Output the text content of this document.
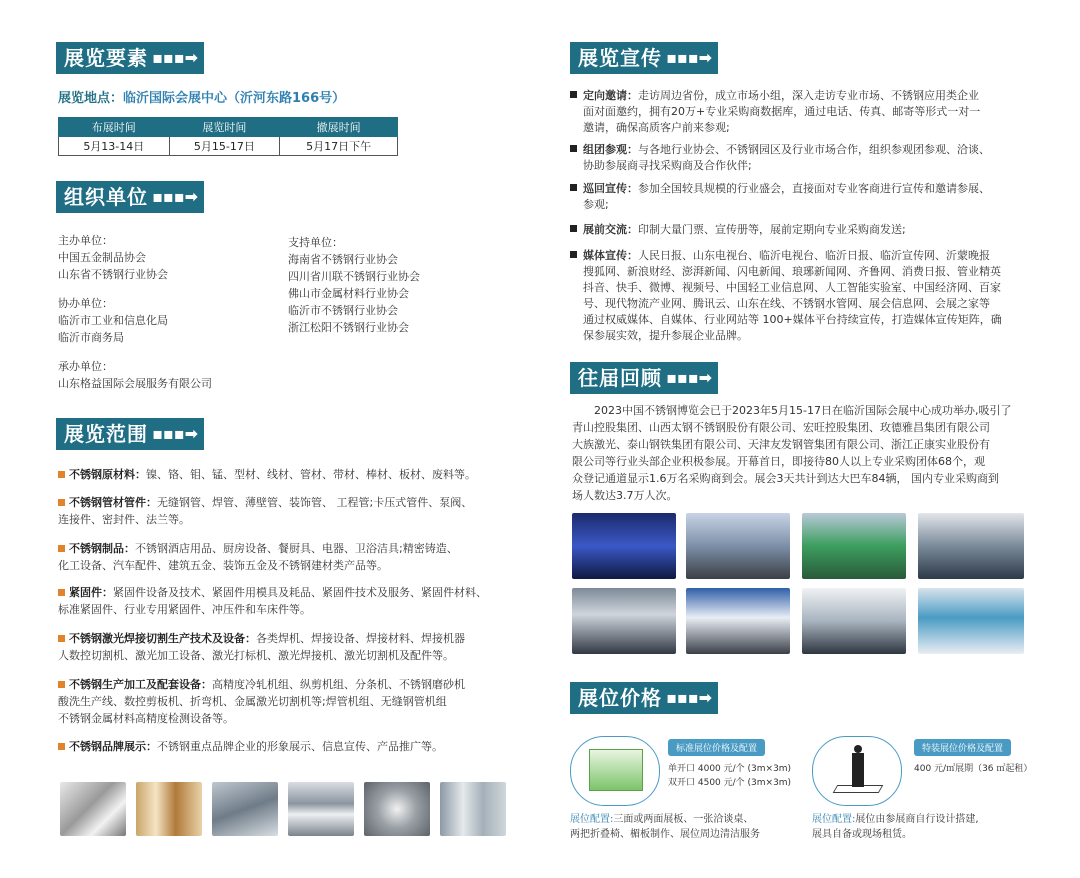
展览要素 ▪▪▪➡
展览地点：临沂国际会展中心（沂河东路166号）
布展时间	展览时间	撤展时间
5月13-14日	5月15-17日	5月17日下午
组织单位 ▪▪▪➡
主办单位：
中国五金制品协会
山东省不锈钢行业协会
协办单位：
临沂市工业和信息化局
临沂市商务局
承办单位：
山东格益国际会展服务有限公司
支持单位：
海南省不锈钢行业协会
四川省川联不锈钢行业协会
佛山市金属材料行业协会
临沂市不锈钢行业协会
浙江松阳不锈钢行业协会
展览范围 ▪▪▪➡
不锈钢原材料：镍、铬、钼、锰、型材、线材、管材、带材、棒材、板材、废料等。
不锈钢管材管件：无缝钢管、焊管、薄壁管、装饰管、 工程管;卡压式管件、泵阀、
连接件、密封件、法兰等。
不锈钢制品：不锈钢酒店用品、厨房设备、餐厨具、电器、卫浴洁具;精密铸造、
化工设备、汽车配件、建筑五金、装饰五金及不锈钢建材类产品等。
紧固件：紧固件设备及技术、紧固件用模具及耗品、紧固件技术及服务、紧固件材料、
标准紧固件、行业专用紧固件、冲压件和车床件等。
不锈钢激光焊接切割生产技术及设备：各类焊机、焊接设备、焊接材料、焊接机器
人数控切割机、激光加工设备、激光打标机、激光焊接机、激光切割机及配件等。
不锈钢生产加工及配套设备：高精度冷轧机组、纵剪机组、分条机、不锈钢磨砂机
酸洗生产线、数控剪板机、折弯机、金属激光切割机等;焊管机组、无缝钢管机组
不锈钢金属材料高精度检测设备等。
不锈钢品牌展示：不锈钢重点品牌企业的形象展示、信息宣传、产品推广等。
展览宣传 ▪▪▪➡
定向邀请：走访周边省份，成立市场小组，深入走访专业市场、不锈钢应用类企业
面对面邀约，拥有20万+专业采购商数据库，通过电话、传真、邮寄等形式一对一
邀请，确保高质客户前来参观;
组团参观：与各地行业协会、不锈钢园区及行业市场合作，组织参观团参观、洽谈、
协助参展商寻找采购商及合作伙伴;
巡回宣传：参加全国较具规模的行业盛会，直接面对专业客商进行宣传和邀请参展、
参观;
展前交流：印制大量门票、宣传册等，展前定期向专业采购商发送;
媒体宣传：人民日报、山东电视台、临沂电视台、临沂日报、临沂宣传网、沂蒙晚报
搜狐网、新浪财经、澎湃新闻、闪电新闻、琅琊新闻网、齐鲁网、消费日报、管业精英
抖音、快手、微博、视频号、中国轻工业信息网、人工智能实验室、中国经济网、百家
号、现代物流产业网、腾讯云、山东在线、不锈钢水管网、展会信息网、会展之家等
通过权威媒体、自媒体、行业网站等 100+媒体平台持续宣传，打造媒体宣传矩阵，确
保参展实效，提升参展企业品牌。
往届回顾 ▪▪▪➡
2023中国不锈钢博览会已于2023年5月15-17日在临沂国际会展中心成功举办,吸引了
青山控股集团、山西太钢不锈钢股份有限公司、宏旺控股集团、玫德雅昌集团有限公司
大族激光、泰山钢铁集团有限公司、天津友发钢管集团有限公司、浙江正康实业股份有
限公司等行业头部企业积极参展。开幕首日，即接待80人以上专业采购团体68个，观
众登记通道显示1.6万名采购商到会。展会3天共计到达大巴车84辆， 国内专业采购商到
场人数达3.7万人次。
展位价格 ▪▪▪➡
标准展位价格及配置
单开口 4000 元/个 (3m×3m)
双开口 4500 元/个 (3m×3m)
展位配置:三面或两面展板、一张洽谈桌、
两把折叠椅、楣板制作、展位周边清洁服务
特装展位价格及配置
400 元/㎡展期（36 ㎡起租）
展位配置:展位由参展商自行设计搭建,
展具自备或现场租赁。
